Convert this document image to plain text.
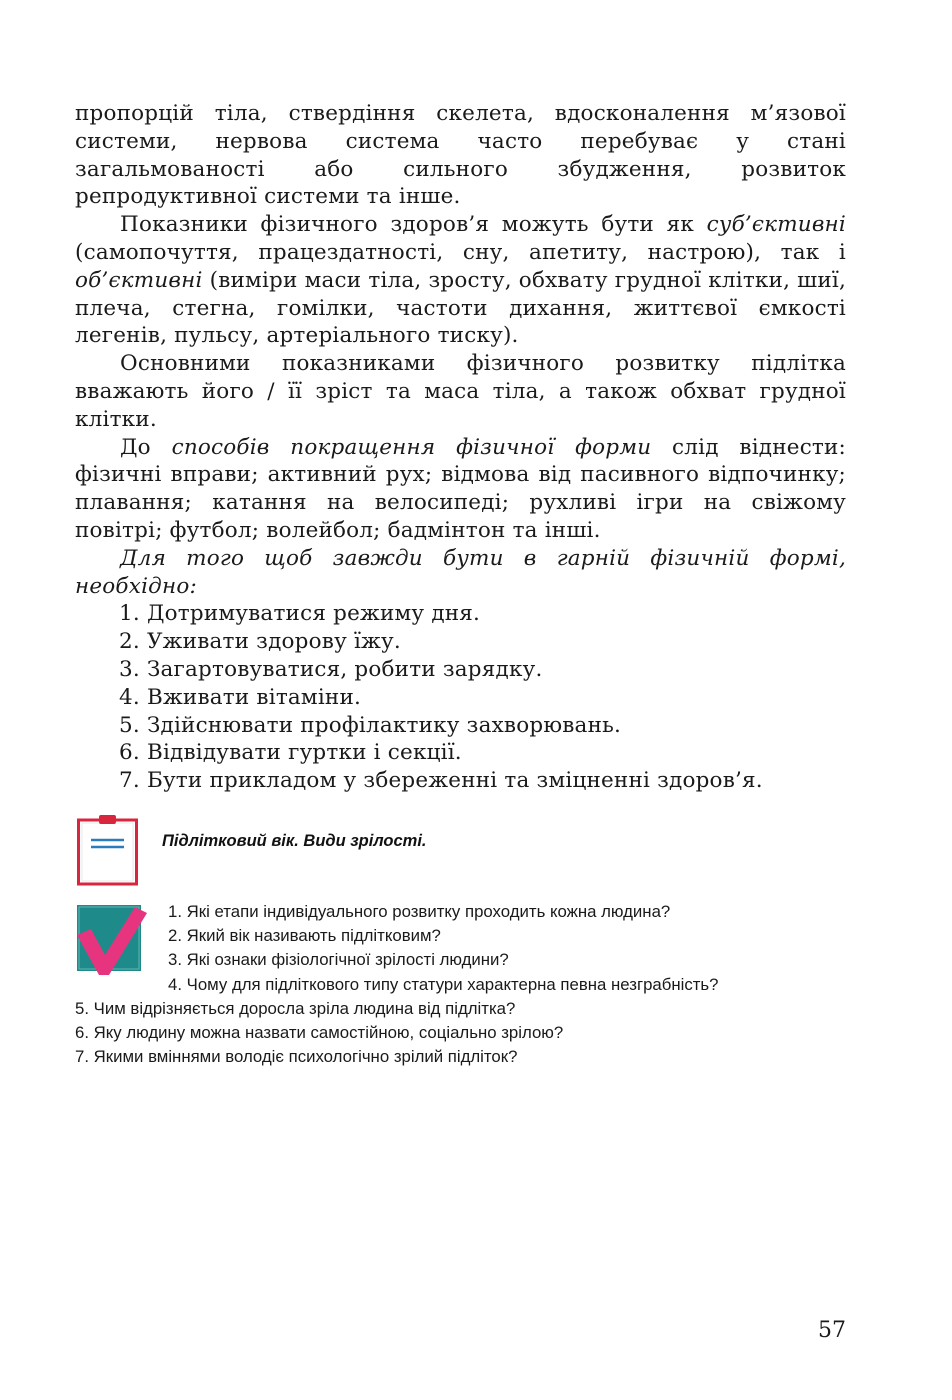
пропорцій тіла, ствердіння скелета, вдосконалення м’язової системи, нервова система часто перебуває у стані загальмованості або сильного збудження, розвиток репродуктивної системи та інше.

Показники фізичного здоров’я можуть бути як суб’єктивні (самопочуття, працездатності, сну, апетиту, настрою), так і об’єктивні (виміри маси тіла, зросту, обхвату грудної клітки, шиї, плеча, стегна, гомілки, частоти дихання, життєвої ємкості легенів, пульсу, артеріального тиску).

Основними показниками фізичного розвитку підлітка вважають його / її зріст та маса тіла, а також обхват грудної клітки.

До способів покращення фізичної форми слід віднести: фізичні вправи; активний рух; відмова від пасивного відпочинку; плавання; катання на велосипеді; рухливі ігри на свіжому повітрі; футбол; волейбол; бадмінтон та інші.

Для того щоб завжди бути в гарній фізичній формі, необхідно:

1. Дотримуватися режиму дня.
2. Уживати здорову їжу.
3. Загартовуватися, робити зарядку.
4. Вживати вітаміни.
5. Здійснювати профілактику захворювань.
6. Відвідувати гуртки і секції.
7. Бути прикладом у збереженні та зміцненні здоров’я.
Підлітковий вік. Види зрілості.
1. Які етапи індивідуального розвитку проходить кожна людина?
2. Який вік називають підлітковим?
3. Які ознаки фізіологічної зрілості людини?
4. Чому для підліткового типу статури характерна певна незграбність?
5. Чим відрізняється доросла зріла людина від підлітка?
6. Яку людину можна назвати самостійною, соціально зрілою?
7. Якими вміннями володіє психологічно зрілий підліток?
57
